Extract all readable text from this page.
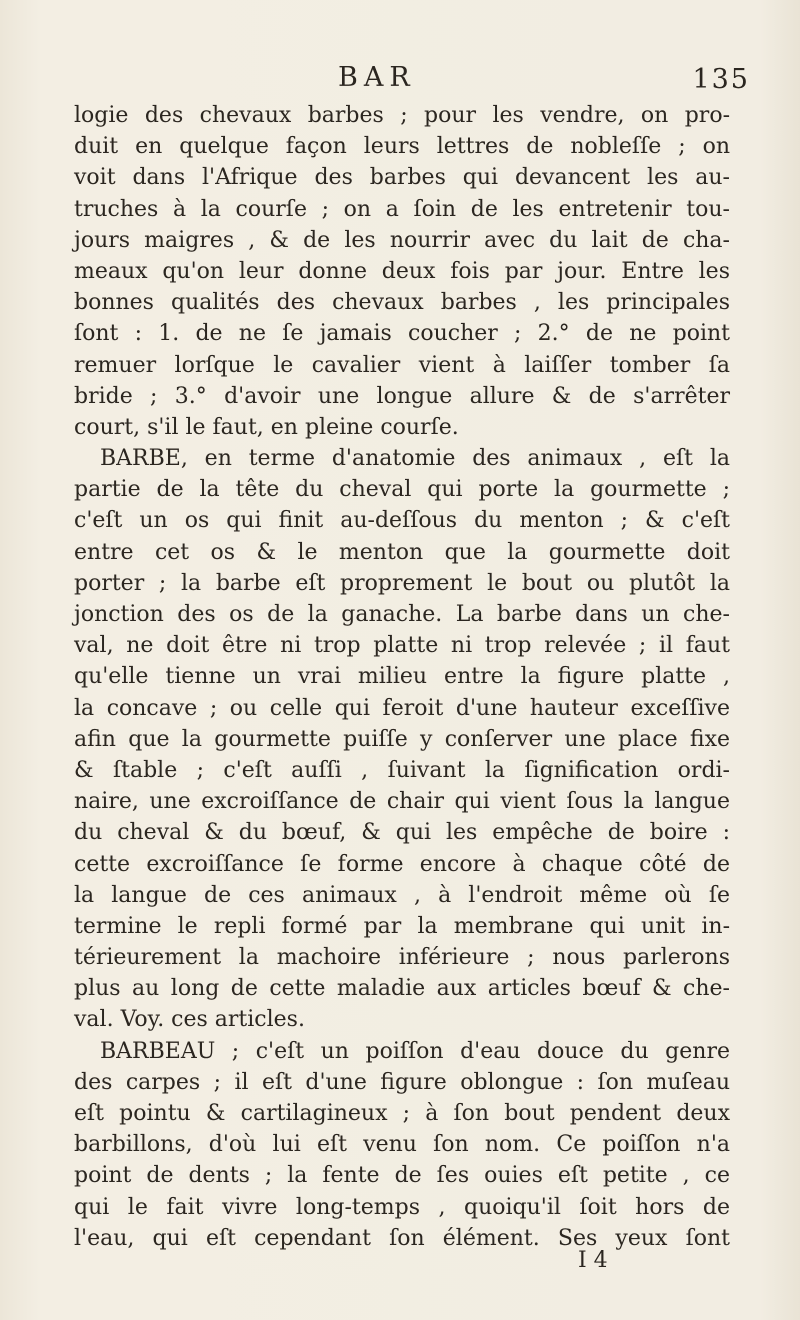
BAR	135
logie des chevaux barbes ; pour les vendre, on pro-
duit en quelque façon leurs lettres de nobleſſe ; on
voit dans l'Afrique des barbes qui devancent les au-
truches à la courſe ; on a ſoin de les entretenir tou-
jours maigres , & de les nourrir avec du lait de cha-
meaux qu'on leur donne deux fois par jour. Entre les
bonnes qualités des chevaux barbes , les principales
ſont : 1. de ne ſe jamais coucher ; 2.° de ne point
remuer lorſque le cavalier vient à laiſſer tomber ſa
bride ; 3.° d'avoir une longue allure & de s'arrêter
court, s'il le faut, en pleine courſe.
BARBE, en terme d'anatomie des animaux , eſt la
partie de la tête du cheval qui porte la gourmette ;
c'eſt un os qui finit au-deſſous du menton ; & c'eſt
entre cet os & le menton que la gourmette doit
porter ; la barbe eſt proprement le bout ou plutôt la
jonction des os de la ganache. La barbe dans un che-
val, ne doit être ni trop platte ni trop relevée ; il faut
qu'elle tienne un vrai milieu entre la figure platte ,
la concave ; ou celle qui feroit d'une hauteur exceſſive
afin que la gourmette puiſſe y conſerver une place fixe
& ſtable ; c'eſt auſſi , ſuivant la ſignification ordi-
naire, une excroiſſance de chair qui vient ſous la langue
du cheval & du bœuf, & qui les empêche de boire :
cette excroiſſance ſe forme encore à chaque côté de
la langue de ces animaux , à l'endroit même où ſe
termine le repli formé par la membrane qui unit in-
térieurement la machoire inférieure ; nous parlerons
plus au long de cette maladie aux articles bœuf & che-
val. Voy. ces articles.
BARBEAU ; c'eſt un poiſſon d'eau douce du genre
des carpes ; il eſt d'une figure oblongue : ſon muſeau
eſt pointu & cartilagineux ; à ſon bout pendent deux
barbillons, d'où lui eſt venu ſon nom. Ce poiſſon n'a
point de dents ; la fente de ſes ouies eſt petite , ce
qui le fait vivre long-temps , quoiqu'il ſoit hors de
l'eau, qui eſt cependant ſon élément. Ses yeux ſont
I 4
